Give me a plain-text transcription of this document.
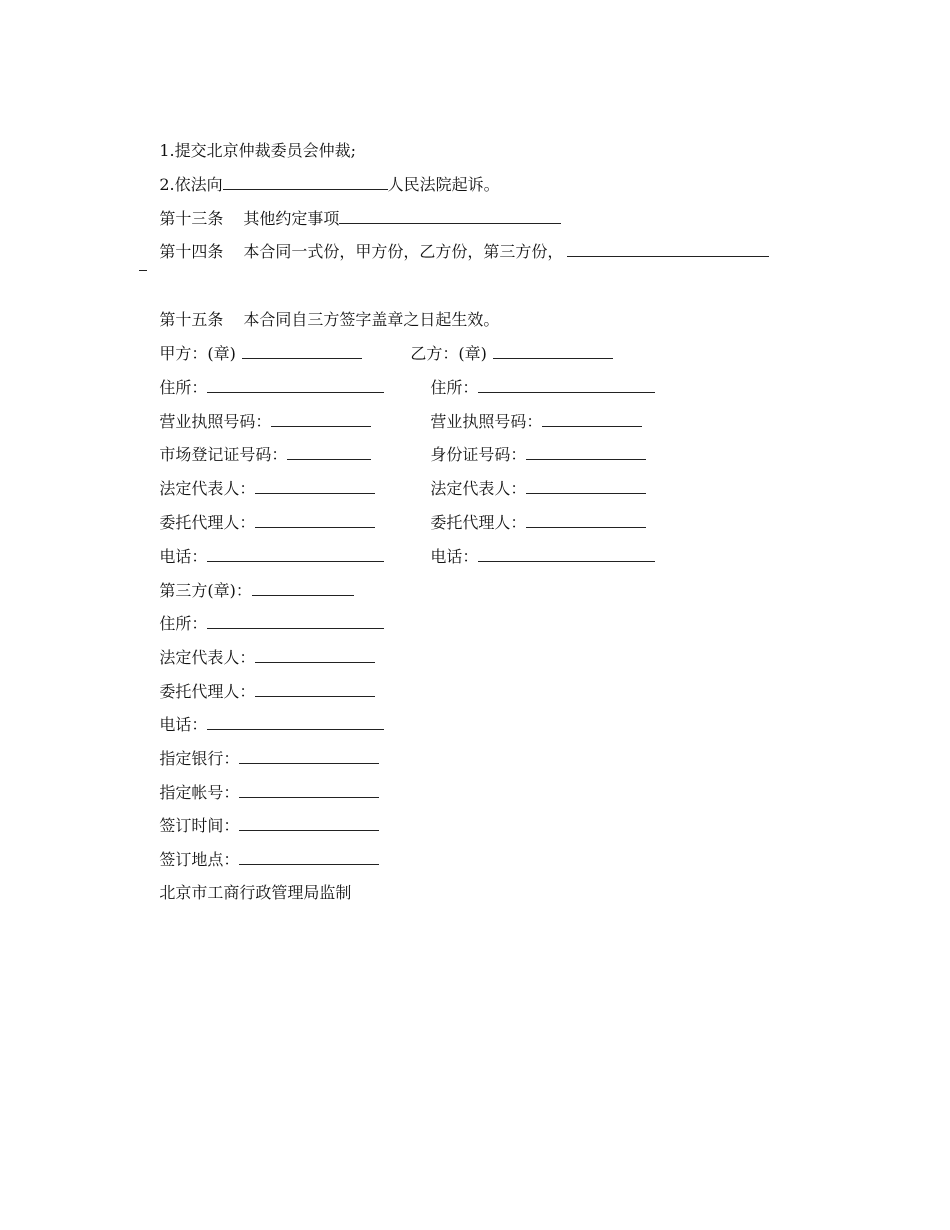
1.提交北京仲裁委员会仲裁;

2.依法向	人民法院起诉。

第十三条 其他约定事项

第十四条 本合同一式份，甲方份，乙方份，第三方份，

第十五条 本合同自三方签字盖章之日起生效。

甲方：(章)
	乙方：(章)

住所：
	住所：

营业执照号码：
	营业执照号码：

市场登记证号码：
	身份证号码：

法定代表人：
	法定代表人：

委托代理人：
	委托代理人：

电话：
	电话：

第三方(章)：

住所：

法定代表人：

委托代理人：

电话：

指定银行：

指定帐号：

签订时间：

签订地点：

北京市工商行政管理局监制
